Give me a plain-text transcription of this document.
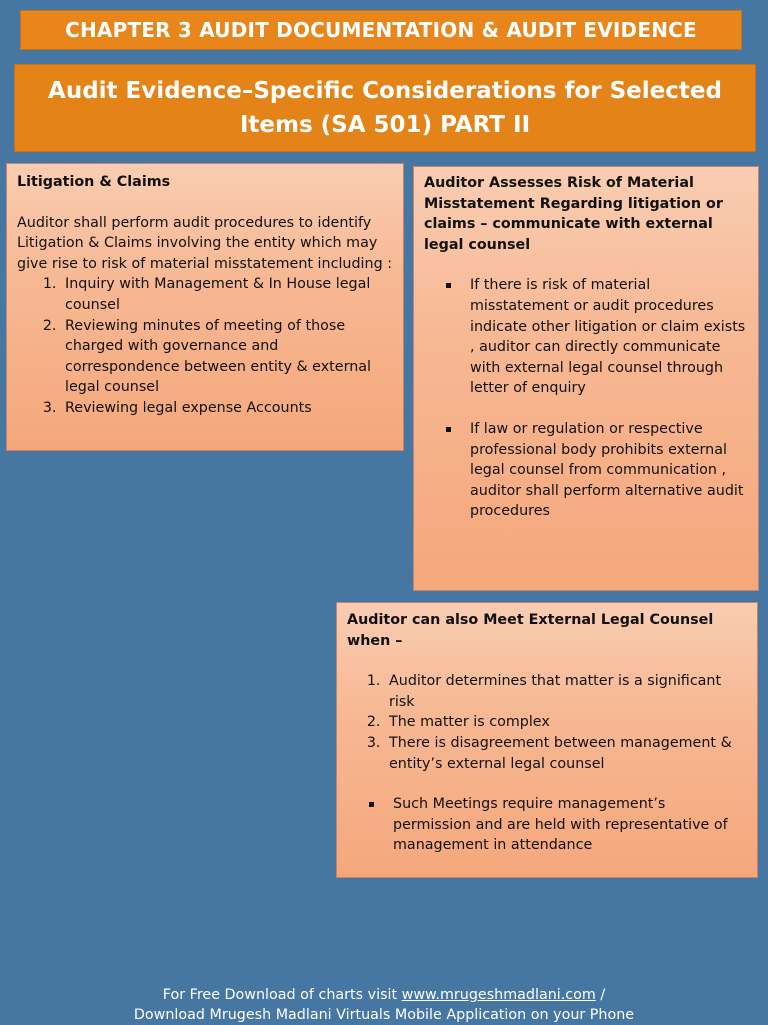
CHAPTER 3 AUDIT DOCUMENTATION & AUDIT EVIDENCE
Audit Evidence–Specific Considerations for Selected Items (SA 501) PART II
Litigation & Claims
Auditor shall perform audit procedures to identify Litigation & Claims involving the entity which may give rise to risk of material misstatement including :
1. Inquiry with Management & In House legal counsel
2. Reviewing minutes of meeting of those charged with governance and correspondence between entity & external legal counsel
3. Reviewing legal expense Accounts
Auditor Assesses Risk of Material Misstatement Regarding litigation or claims – communicate with external legal counsel
If there is risk of material misstatement or audit procedures indicate other litigation or claim exists , auditor can directly communicate with external legal counsel through letter of enquiry
If law or regulation or respective professional body prohibits external legal counsel from communication , auditor shall perform alternative audit procedures
Auditor can also Meet External Legal Counsel when –
1. Auditor determines that matter is a significant risk
2. The matter is complex
3. There is disagreement between management & entity’s external legal counsel
Such Meetings require management’s permission and are held with representative of management in attendance
For Free Download of charts visit www.mrugeshmadlani.com /
Download Mrugesh Madlani Virtuals Mobile Application on your Phone
